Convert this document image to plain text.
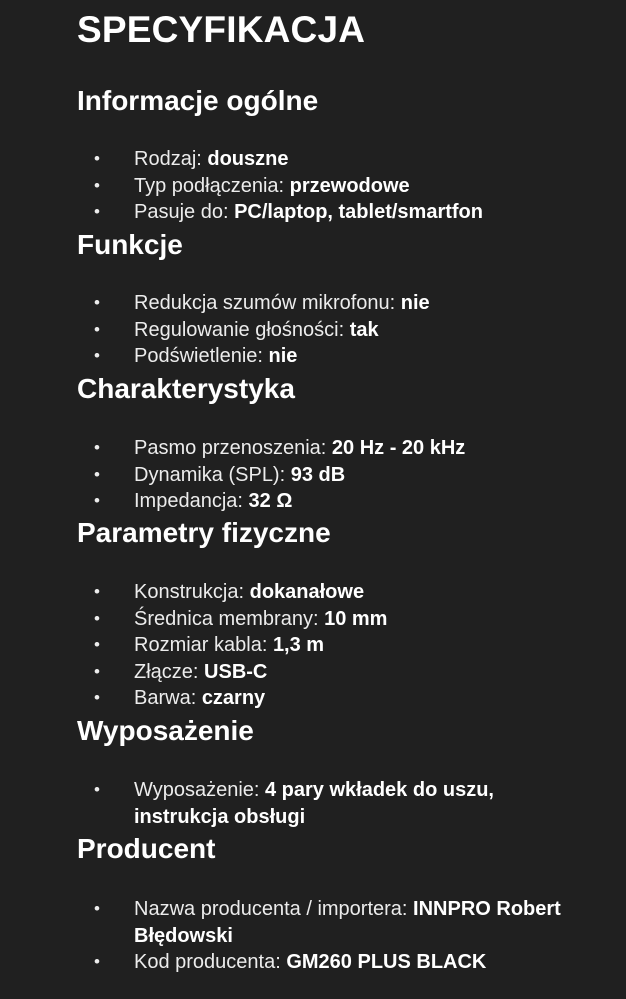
SPECYFIKACJA
Informacje ogólne
• Rodzaj: douszne
• Typ podłączenia: przewodowe
• Pasuje do: PC/laptop, tablet/smartfon
Funkcje
• Redukcja szumów mikrofonu: nie
• Regulowanie głośności: tak
• Podświetlenie: nie
Charakterystyka
• Pasmo przenoszenia: 20 Hz - 20 kHz
• Dynamika (SPL): 93 dB
• Impedancja: 32 Ω
Parametry fizyczne
• Konstrukcja: dokanałowe
• Średnica membrany: 10 mm
• Rozmiar kabla: 1,3 m
• Złącze: USB-C
• Barwa: czarny
Wyposażenie
• Wyposażenie: 4 pary wkładek do uszu, instrukcja obsługi
Producent
• Nazwa producenta / importera: INNPRO Robert Błędowski
• Kod producenta: GM260 PLUS BLACK
